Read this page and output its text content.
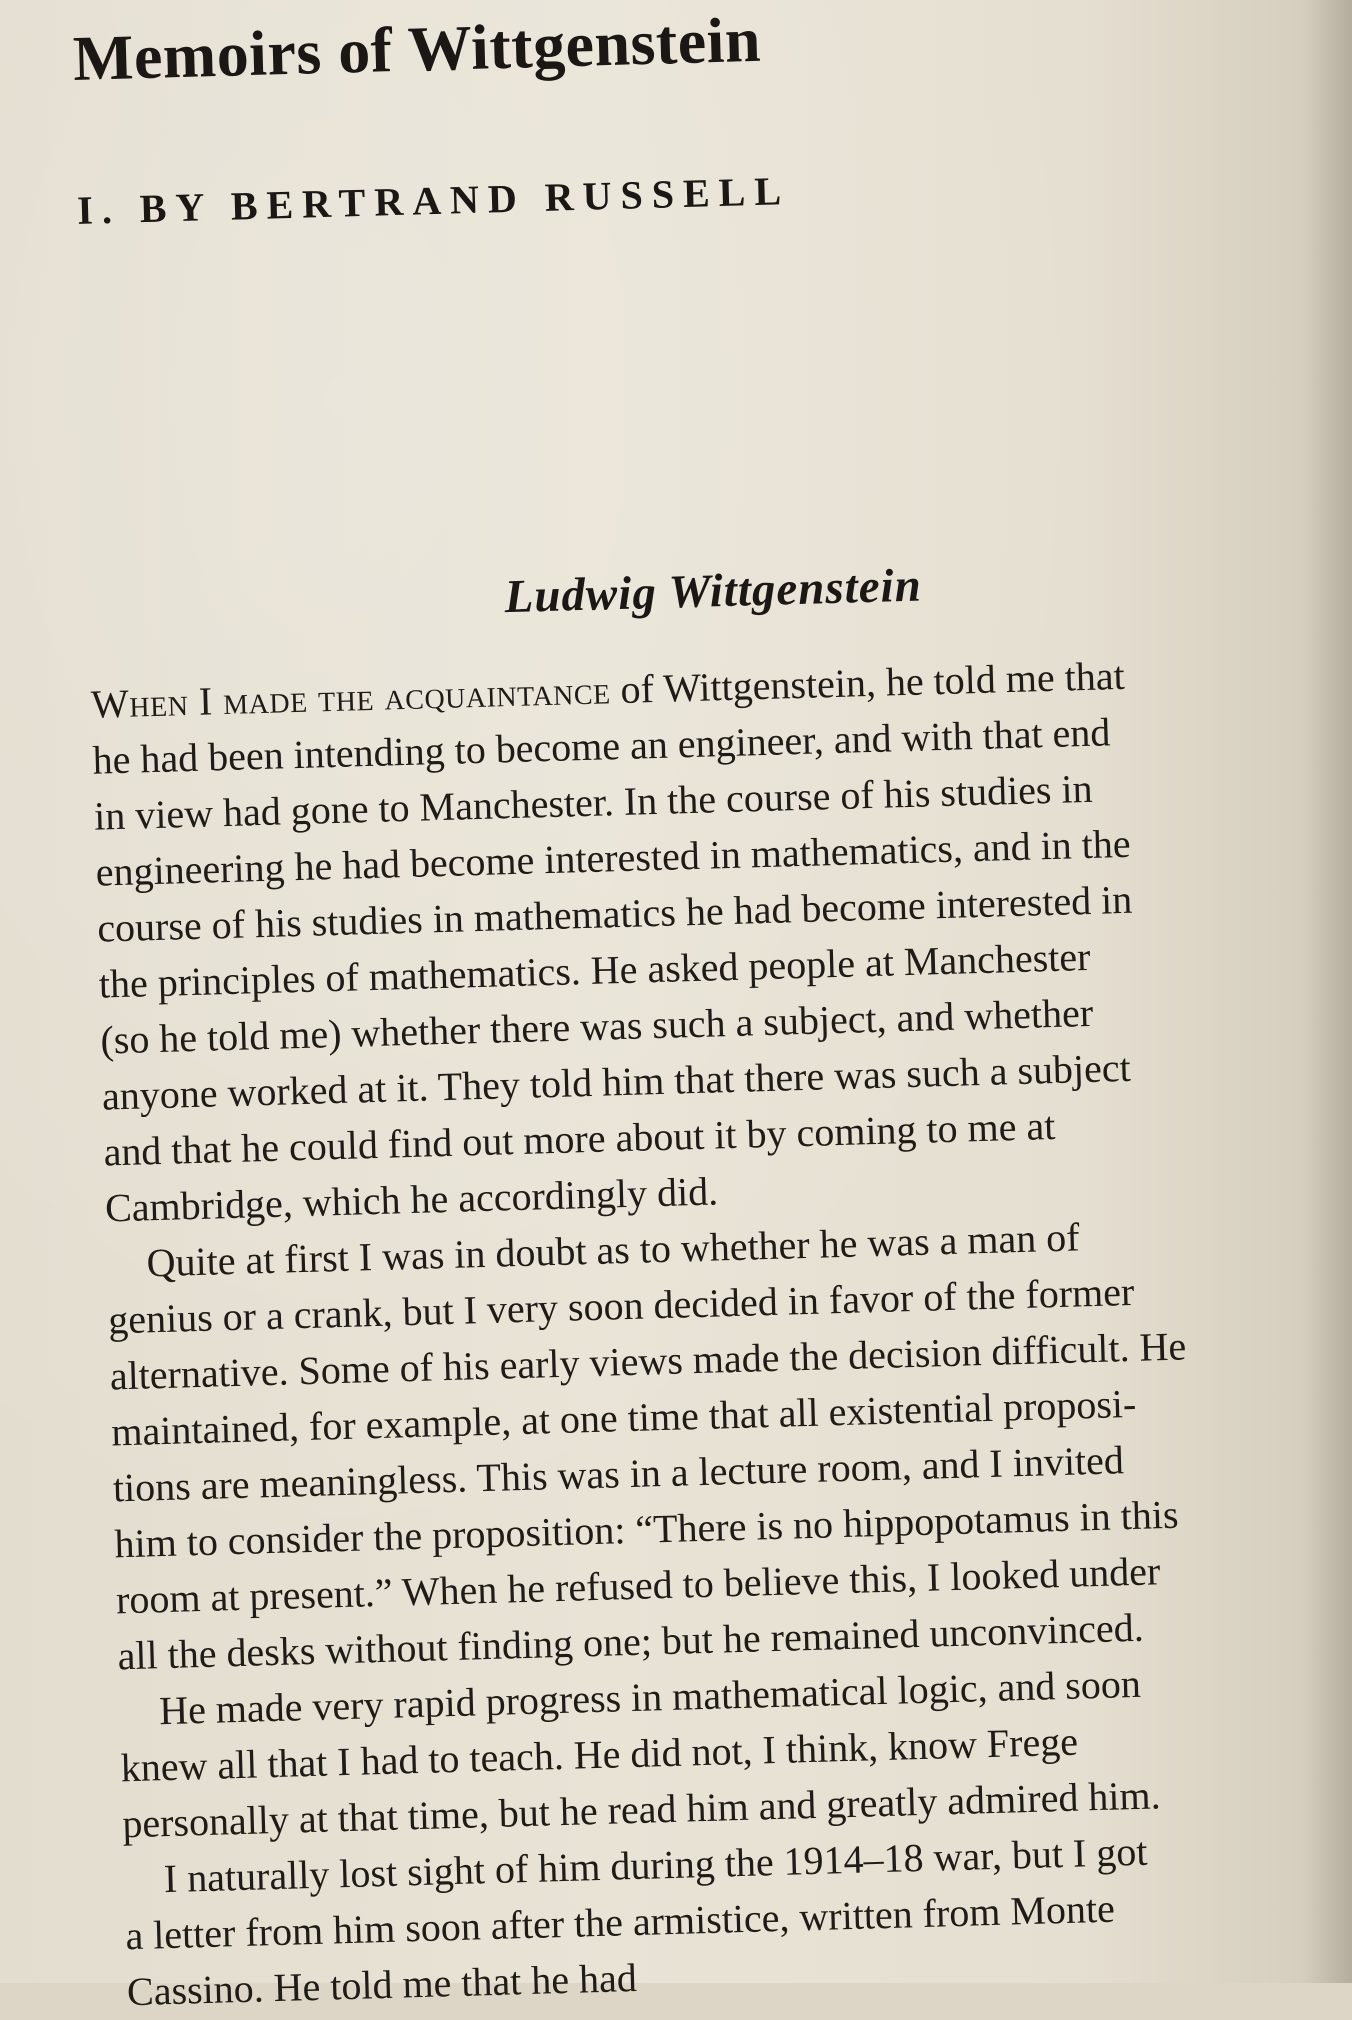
Memoirs of Wittgenstein
I. BY BERTRAND RUSSELL
Ludwig Wittgenstein
When I made the acquaintance of Wittgenstein, he told me that
he had been intending to become an engineer, and with that end
in view had gone to Manchester. In the course of his studies in
engineering he had become interested in mathematics, and in the
course of his studies in mathematics he had become interested in
the principles of mathematics. He asked people at Manchester
(so he told me) whether there was such a subject, and whether
anyone worked at it. They told him that there was such a subject
and that he could find out more about it by coming to me at
Cambridge, which he accordingly did.
Quite at first I was in doubt as to whether he was a man of
genius or a crank, but I very soon decided in favor of the former
alternative. Some of his early views made the decision difficult. He
maintained, for example, at one time that all existential proposi-
tions are meaningless. This was in a lecture room, and I invited
him to consider the proposition: “There is no hippopotamus in this
room at present.” When he refused to believe this, I looked under
all the desks without finding one; but he remained unconvinced.
He made very rapid progress in mathematical logic, and soon
knew all that I had to teach. He did not, I think, know Frege
personally at that time, but he read him and greatly admired him.
I naturally lost sight of him during the 1914–18 war, but I got
a letter from him soon after the armistice, written from Monte
Cassino. He told me that he had
